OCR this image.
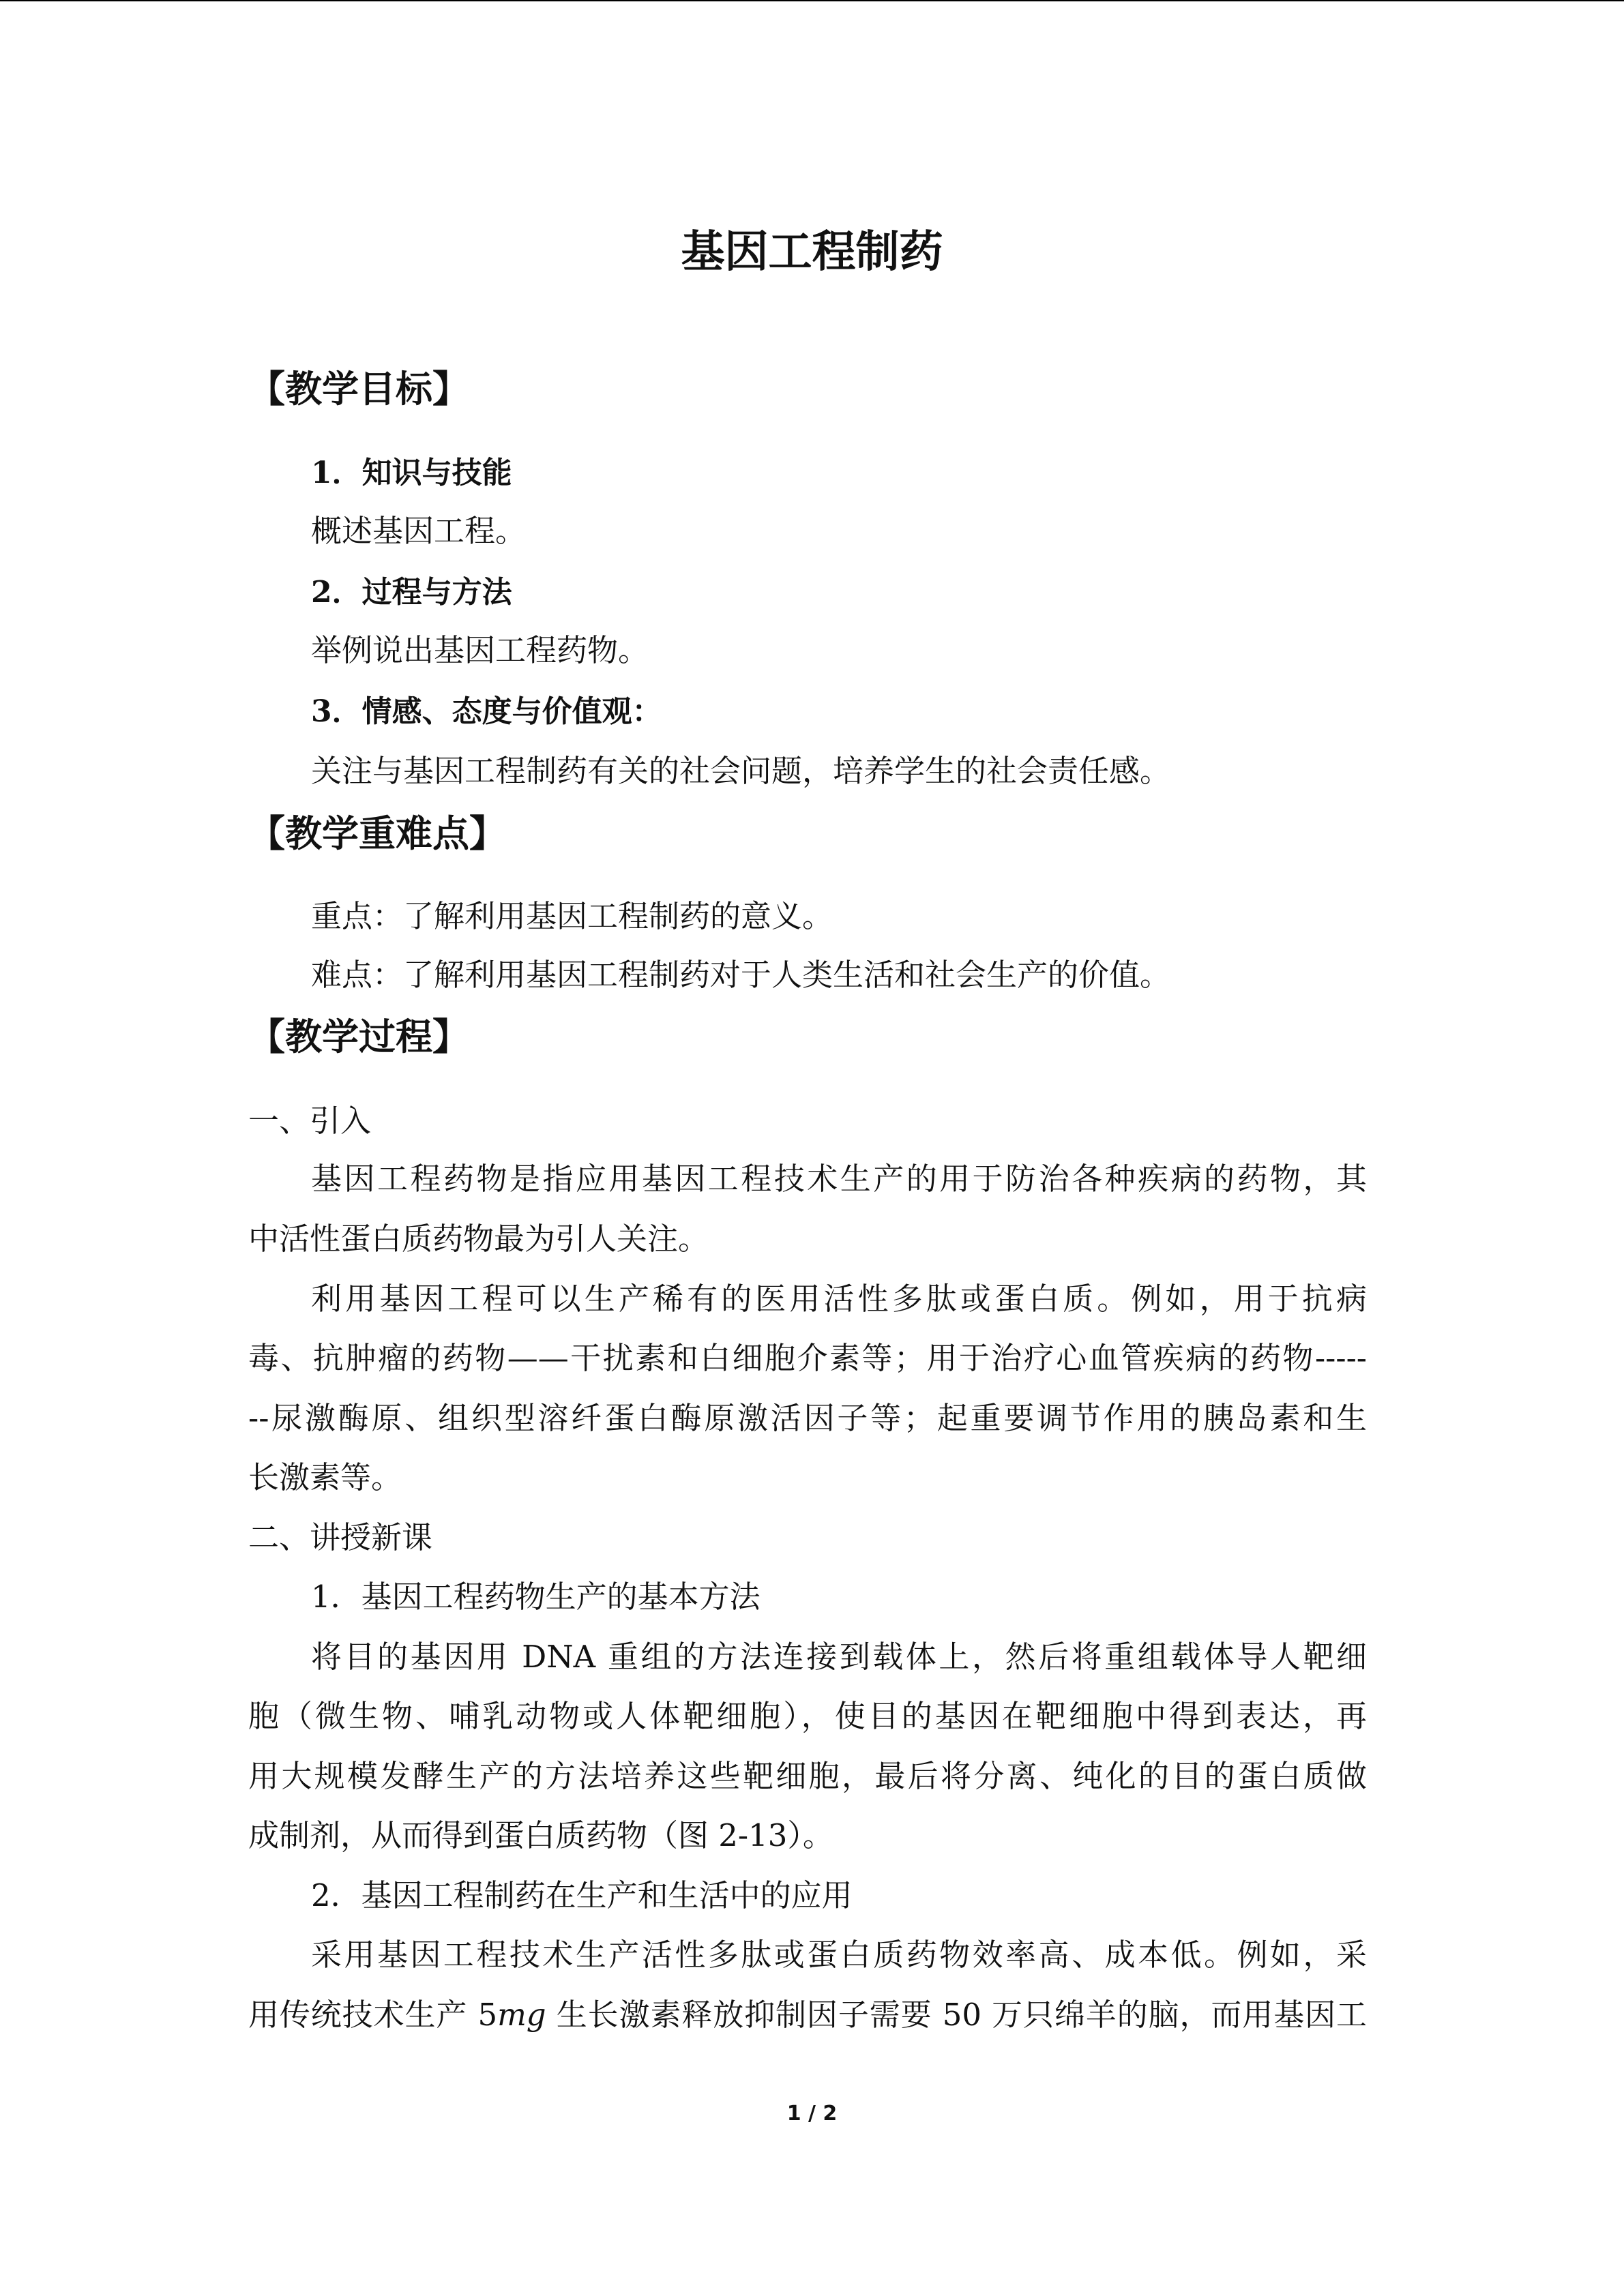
基因工程制药
【教学目标】
1．知识与技能
概述基因工程。
2．过程与方法
举例说出基因工程药物。
3．情感、态度与价值观：
关注与基因工程制药有关的社会问题，培养学生的社会责任感。
【教学重难点】
重点：了解利用基因工程制药的意义。
难点：了解利用基因工程制药对于人类生活和社会生产的价值。
【教学过程】
一、引入
基因工程药物是指应用基因工程技术生产的用于防治各种疾病的药物，其
中活性蛋白质药物最为引人关注。
利用基因工程可以生产稀有的医用活性多肽或蛋白质。例如，用于抗病
毒、抗肿瘤的药物——干扰素和白细胞介素等；用于治疗心血管疾病的药物-----
--尿激酶原、组织型溶纤蛋白酶原激活因子等；起重要调节作用的胰岛素和生
长激素等。
二、讲授新课
1．基因工程药物生产的基本方法
将目的基因用 DNA 重组的方法连接到载体上，然后将重组载体导人靶细
胞（微生物、哺乳动物或人体靶细胞），使目的基因在靶细胞中得到表达，再
用大规模发酵生产的方法培养这些靶细胞，最后将分离、纯化的目的蛋白质做
成制剂，从而得到蛋白质药物（图 2-13）。
2．基因工程制药在生产和生活中的应用
采用基因工程技术生产活性多肽或蛋白质药物效率高、成本低。例如，采
用传统技术生产 5mg 生长激素释放抑制因子需要 50 万只绵羊的脑，而用基因工
1 / 2
